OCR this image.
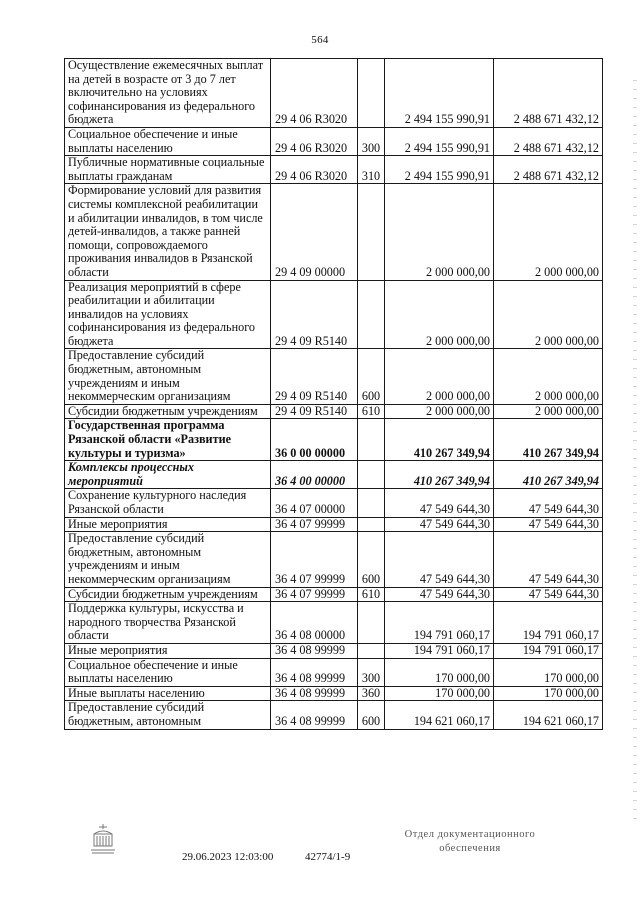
564
Осуществление ежемесячных выплат на детей в возрасте от 3 до 7 лет включительно на условиях софинансирования из федерального бюджета	29 4 06 R3020		2 494 155 990,91	2 488 671 432,12
Социальное обеспечение и иные выплаты населению	29 4 06 R3020	300	2 494 155 990,91	2 488 671 432,12
Публичные нормативные социальные выплаты гражданам	29 4 06 R3020	310	2 494 155 990,91	2 488 671 432,12
Формирование условий для развития системы комплексной реабилитации и абилитации инвалидов, в том числе детей-инвалидов, а также ранней помощи, сопровождаемого проживания инвалидов в Рязанской области	29 4 09 00000		2 000 000,00	2 000 000,00
Реализация мероприятий в сфере реабилитации и абилитации инвалидов на условиях софинансирования из федерального бюджета	29 4 09 R5140		2 000 000,00	2 000 000,00
Предоставление субсидий бюджетным, автономным учреждениям и иным некоммерческим организациям	29 4 09 R5140	600	2 000 000,00	2 000 000,00
Субсидии бюджетным учреждениям	29 4 09 R5140	610	2 000 000,00	2 000 000,00
Государственная программа Рязанской области «Развитие культуры и туризма»	36 0 00 00000		410 267 349,94	410 267 349,94
Комплексы процессных мероприятий	36 4 00 00000		410 267 349,94	410 267 349,94
Сохранение культурного наследия Рязанской области	36 4 07 00000		47 549 644,30	47 549 644,30
Иные мероприятия	36 4 07 99999		47 549 644,30	47 549 644,30
Предоставление субсидий бюджетным, автономным учреждениям и иным некоммерческим организациям	36 4 07 99999	600	47 549 644,30	47 549 644,30
Субсидии бюджетным учреждениям	36 4 07 99999	610	47 549 644,30	47 549 644,30
Поддержка культуры, искусства и народного творчества Рязанской области	36 4 08 00000		194 791 060,17	194 791 060,17
Иные мероприятия	36 4 08 99999		194 791 060,17	194 791 060,17
Социальное обеспечение и иные выплаты населению	36 4 08 99999	300	170 000,00	170 000,00
Иные выплаты населению	36 4 08 99999	360	170 000,00	170 000,00
Предоставление субсидий бюджетным, автономным	36 4 08 99999	600	194 621 060,17	194 621 060,17
29.06.2023 12:03:00	42774/1-9
Отдел документационного
обеспечения
